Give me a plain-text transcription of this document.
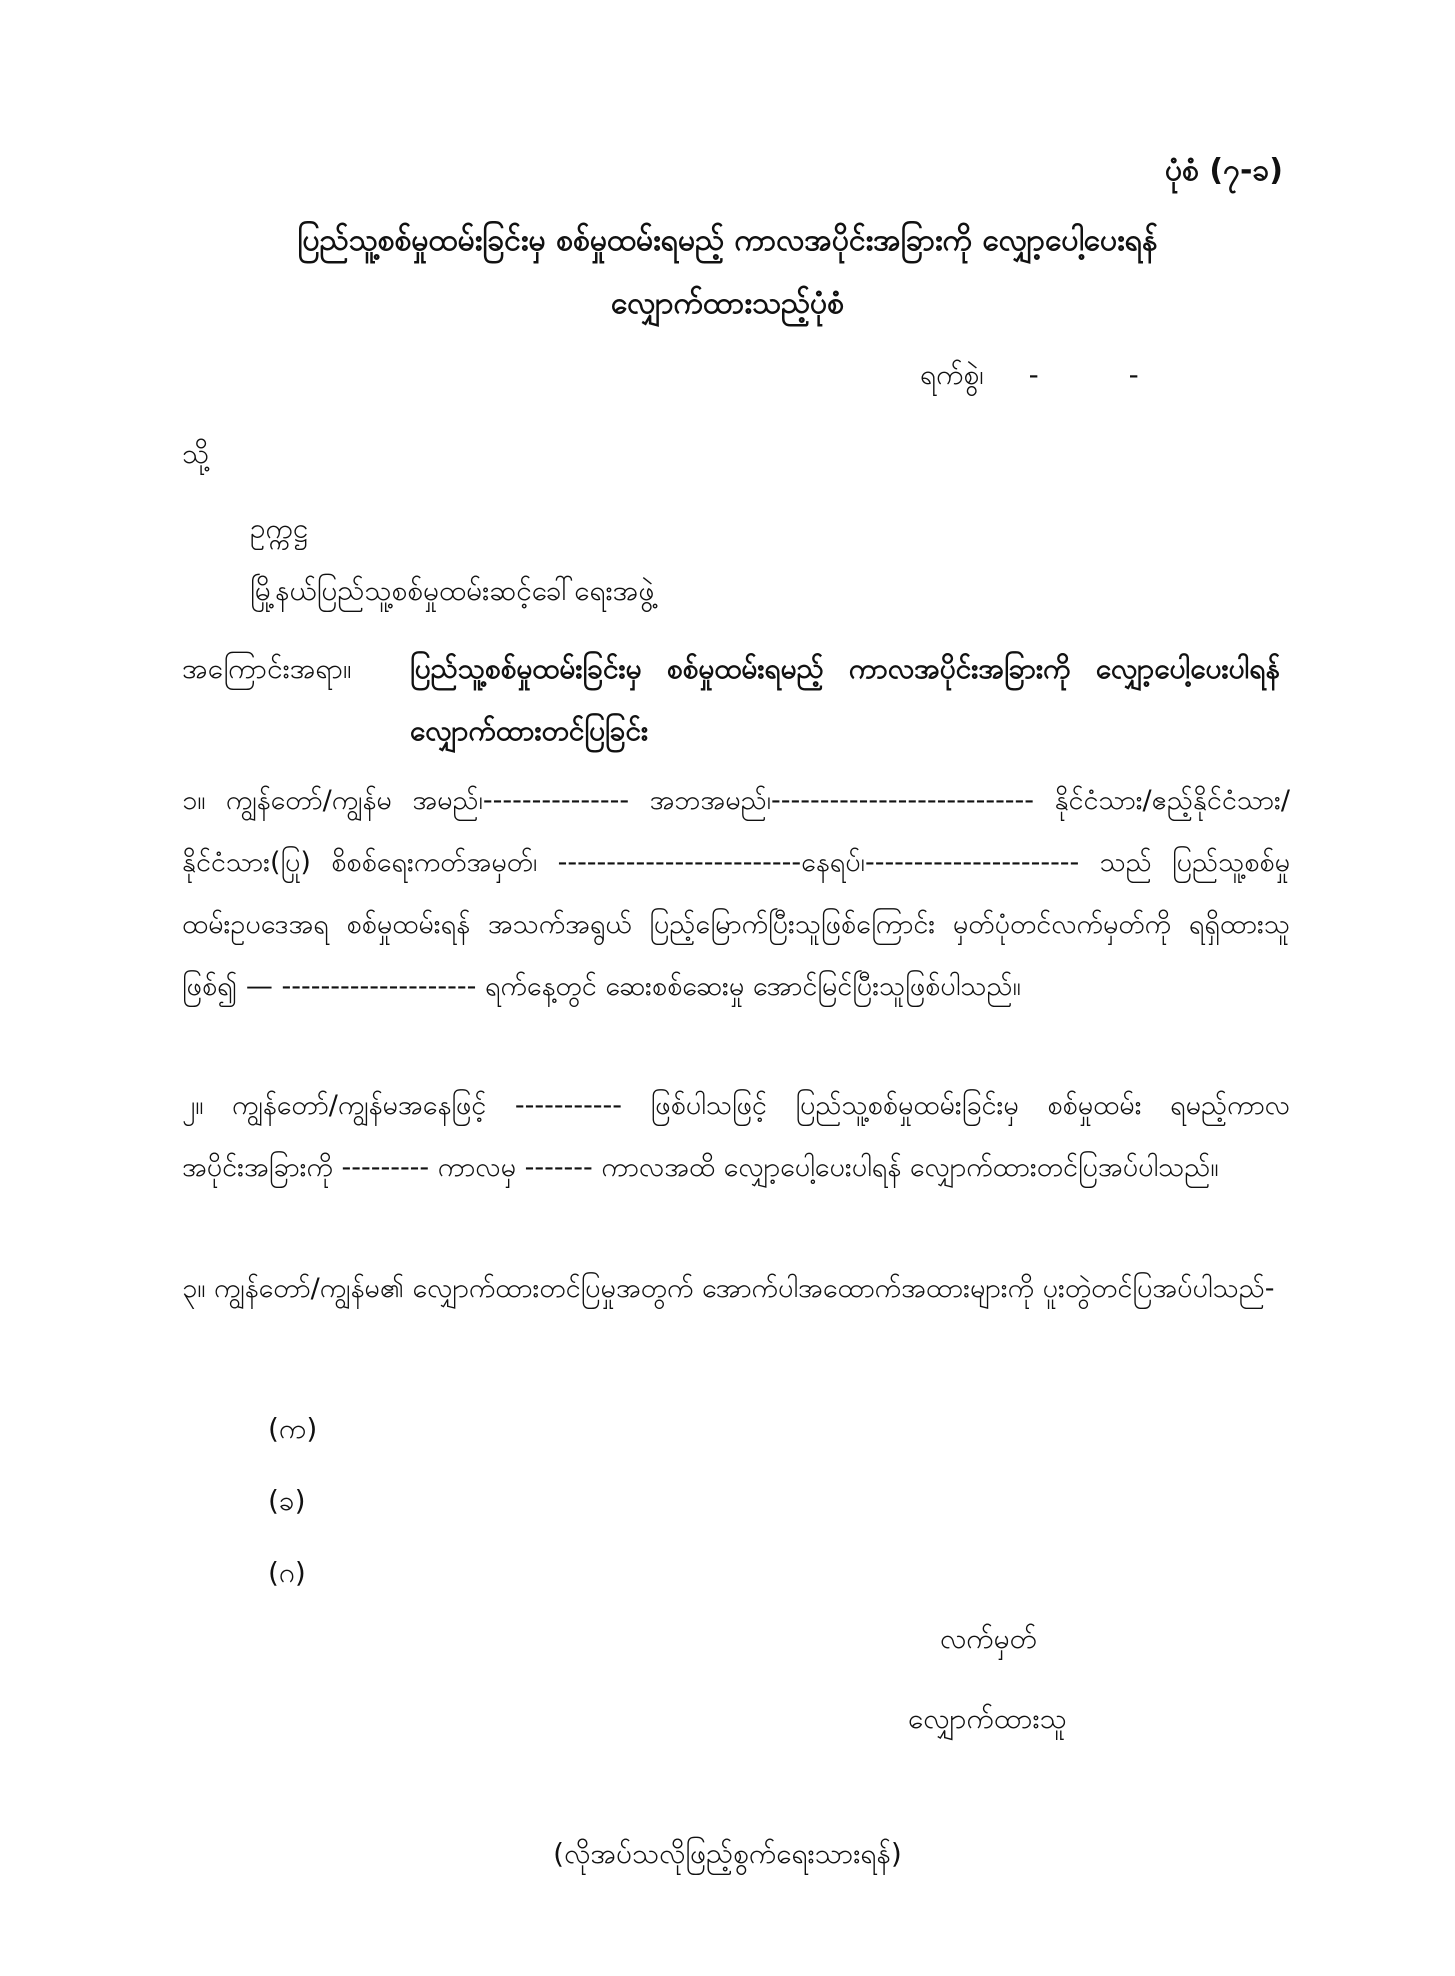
ပုံစံ (၇-ခ)
ပြည်သူ့စစ်မှုထမ်းခြင်းမှ စစ်မှုထမ်းရမည့် ကာလအပိုင်းအခြားကို လျှော့ပေါ့ပေးရန်
လျှောက်ထားသည့်ပုံစံ
ရက်စွဲ၊ -	-
သို့
ဥက္ကဋ္ဌ
မြို့နယ်ပြည်သူ့စစ်မှုထမ်းဆင့်ခေါ်ရေးအဖွဲ့
အကြောင်းအရာ။ ပြည်သူ့စစ်မှုထမ်းခြင်းမှ စစ်မှုထမ်းရမည့် ကာလအပိုင်းအခြားကို လျှော့ပေါ့ပေးပါရန် လျှောက်ထားတင်ပြခြင်း
၁။ ကျွန်တော်/ကျွန်မ အမည်၊--------------- အဘအမည်၊--------------------------- နိုင်ငံသား/ဧည့်နိုင်ငံသား/ နိုင်ငံသား(ပြု) စိစစ်ရေးကတ်အမှတ်၊ -------------------------နေရပ်၊---------------------- သည် ပြည်သူ့စစ်မှုထမ်းဥပဒေအရ စစ်မှုထမ်းရန် အသက်အရွယ် ပြည့်မြောက်ပြီးသူဖြစ်ကြောင်း မှတ်ပုံတင်လက်မှတ်ကို ရရှိထားသူဖြစ်၍ — -------------------- ရက်နေ့တွင် ဆေးစစ်ဆေးမှု အောင်မြင်ပြီးသူဖြစ်ပါသည်။
၂။ ကျွန်တော်/ကျွန်မအနေဖြင့် ----------- ဖြစ်ပါသဖြင့် ပြည်သူ့စစ်မှုထမ်းခြင်းမှ စစ်မှုထမ်း ရမည့်ကာလအပိုင်းအခြားကို --------- ကာလမှ ------- ကာလအထိ လျှော့ပေါ့ပေးပါရန် လျှောက်ထားတင်ပြအပ်ပါသည်။
၃။ ကျွန်တော်/ကျွန်မ၏ လျှောက်ထားတင်ပြမှုအတွက် အောက်ပါအထောက်အထားများကို ပူးတွဲတင်ပြအပ်ပါသည်-
(က)
(ခ)
(ဂ)
လက်မှတ်
လျှောက်ထားသူ
(လိုအပ်သလိုဖြည့်စွက်ရေးသားရန်)
